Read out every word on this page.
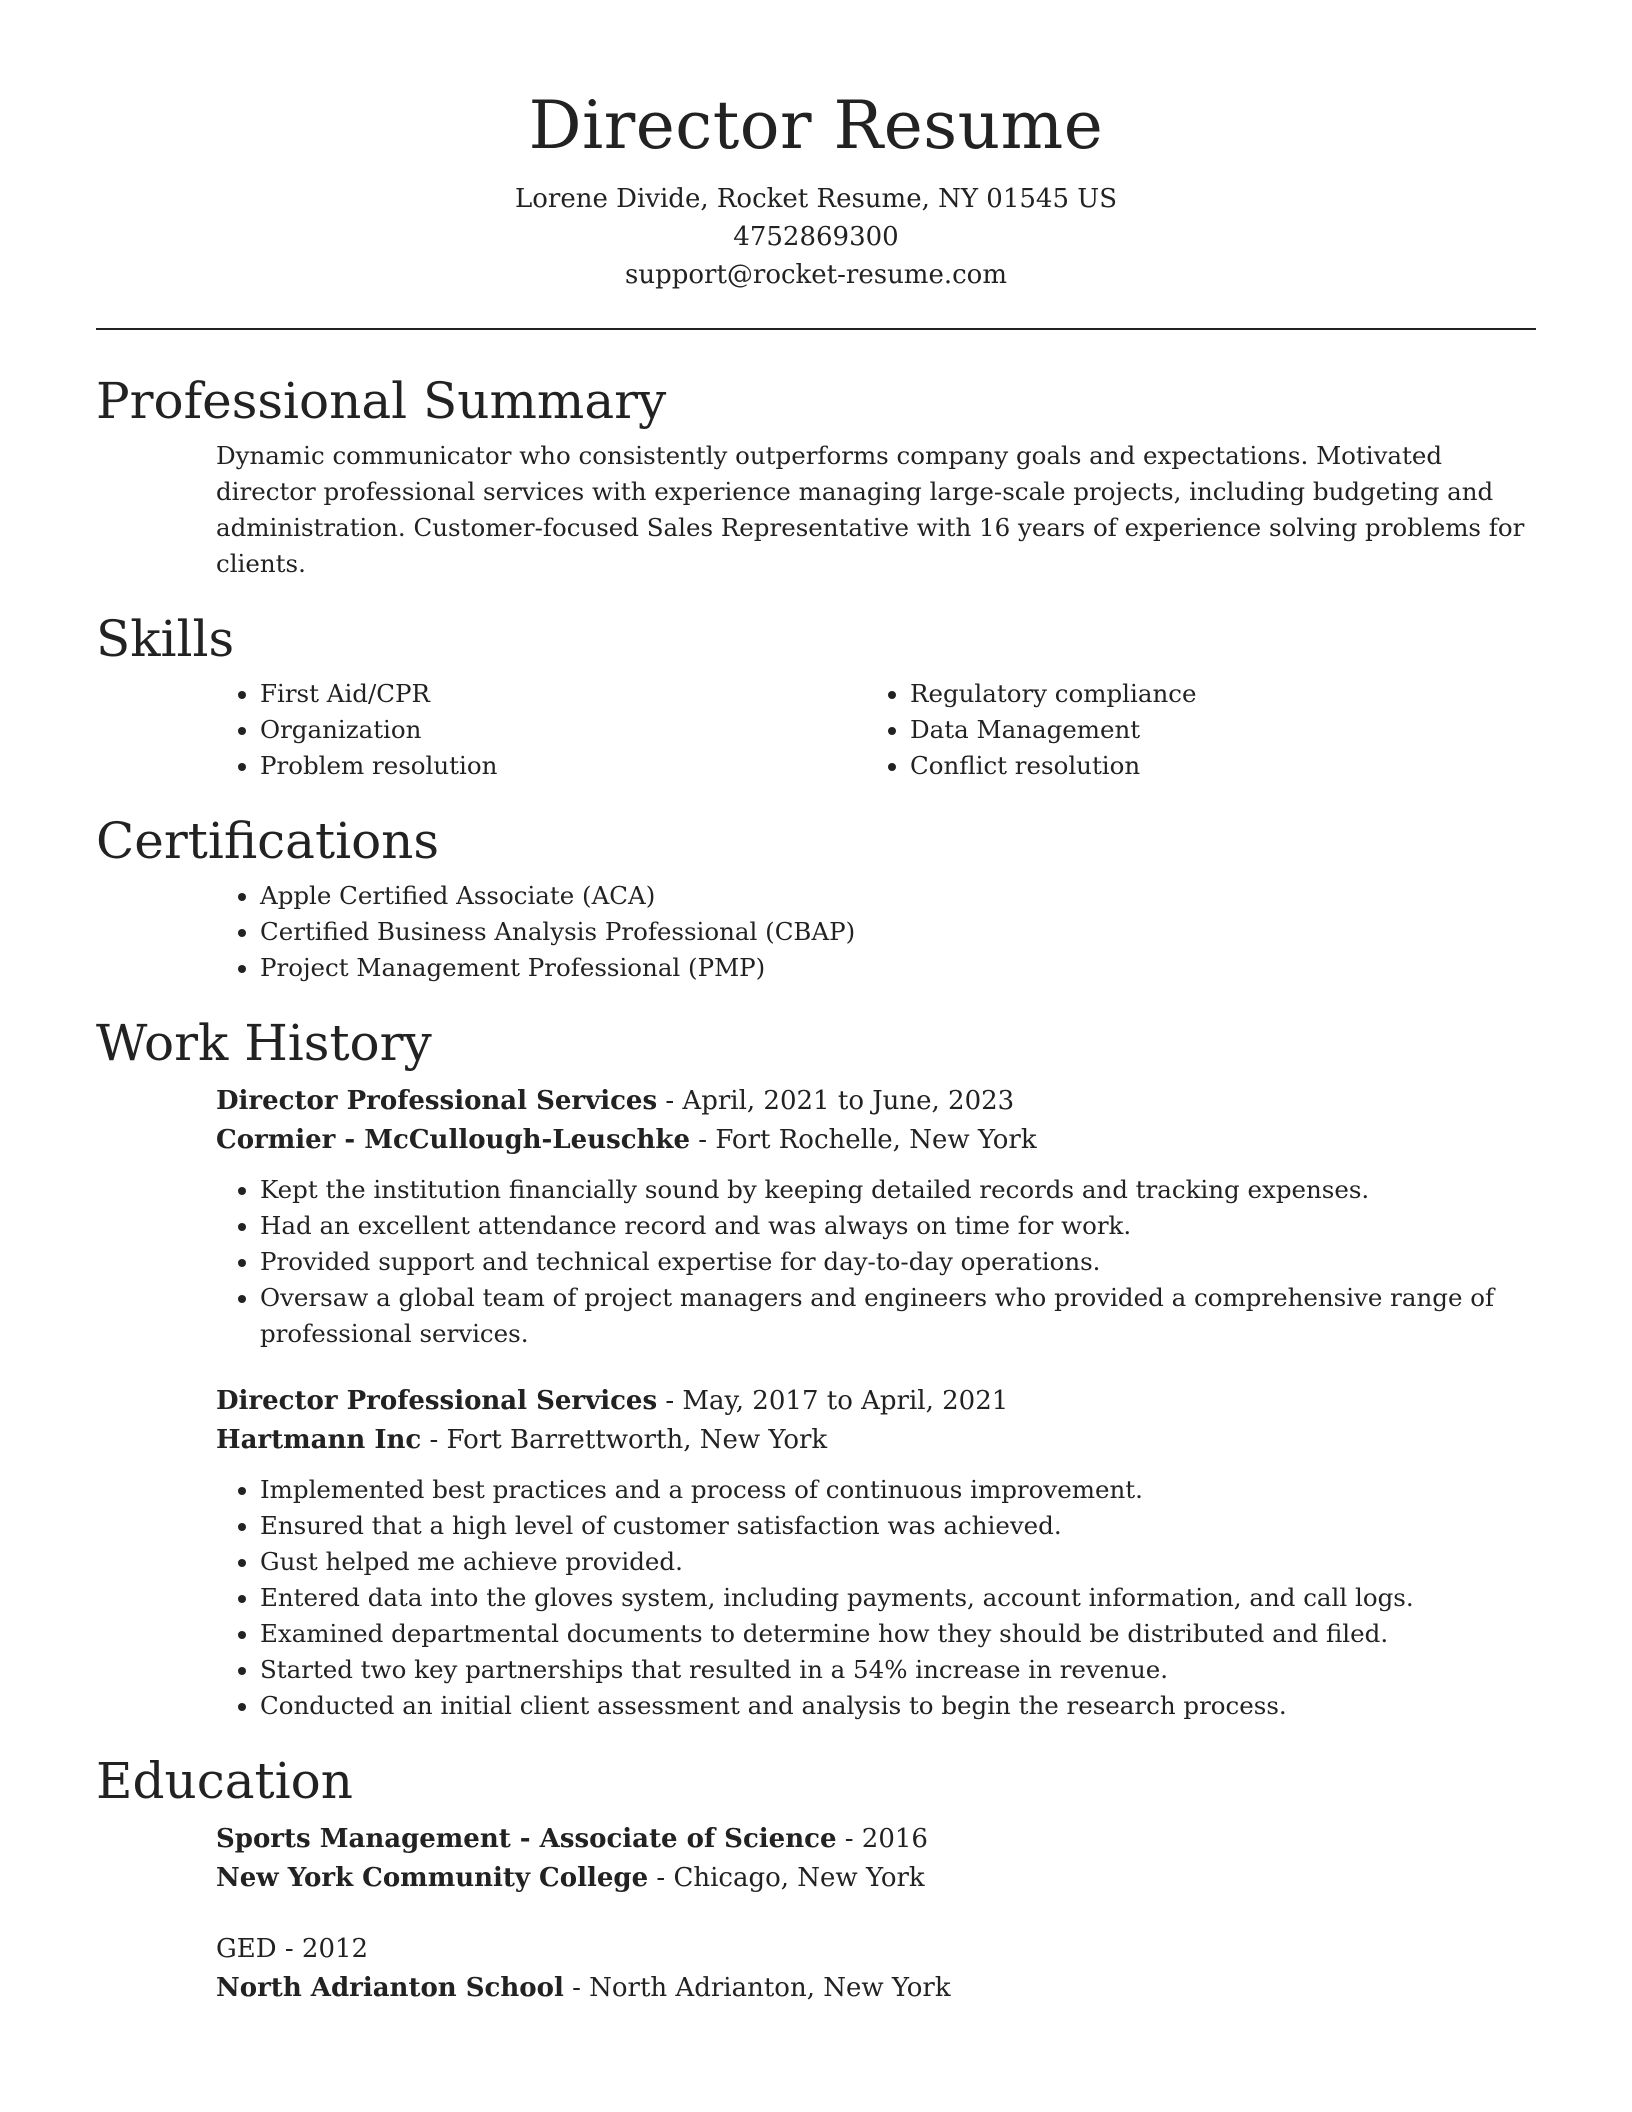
Director Resume

Lorene Divide, Rocket Resume, NY 01545 US

4752869300

support@rocket-resume.com

Professional Summary

Dynamic communicator who consistently outperforms company goals and expectations. Motivated director professional services with experience managing large-scale projects, including budgeting and administration. Customer-focused Sales Representative with 16 years of experience solving problems for clients.

Skills
• First Aid/CPR
• Organization
• Problem resolution
• Regulatory compliance
• Data Management
• Conflict resolution
Certifications
• Apple Certified Associate (ACA)
• Certified Business Analysis Professional (CBAP)
• Project Management Professional (PMP)
Work History

Director Professional Services - April, 2021 to June, 2023

Cormier - McCullough-Leuschke - Fort Rochelle, New York

• Kept the institution financially sound by keeping detailed records and tracking expenses.
• Had an excellent attendance record and was always on time for work.
• Provided support and technical expertise for day-to-day operations.
• Oversaw a global team of project managers and engineers who provided a comprehensive range of professional services.

Director Professional Services - May, 2017 to April, 2021

Hartmann Inc - Fort Barrettworth, New York

• Implemented best practices and a process of continuous improvement.
• Ensured that a high level of customer satisfaction was achieved.
• Gust helped me achieve provided.
• Entered data into the gloves system, including payments, account information, and call logs.
• Examined departmental documents to determine how they should be distributed and filed.
• Started two key partnerships that resulted in a 54% increase in revenue.
• Conducted an initial client assessment and analysis to begin the research process.
Education

Sports Management - Associate of Science - 2016

New York Community College - Chicago, New York

GED - 2012

North Adrianton School - North Adrianton, New York
